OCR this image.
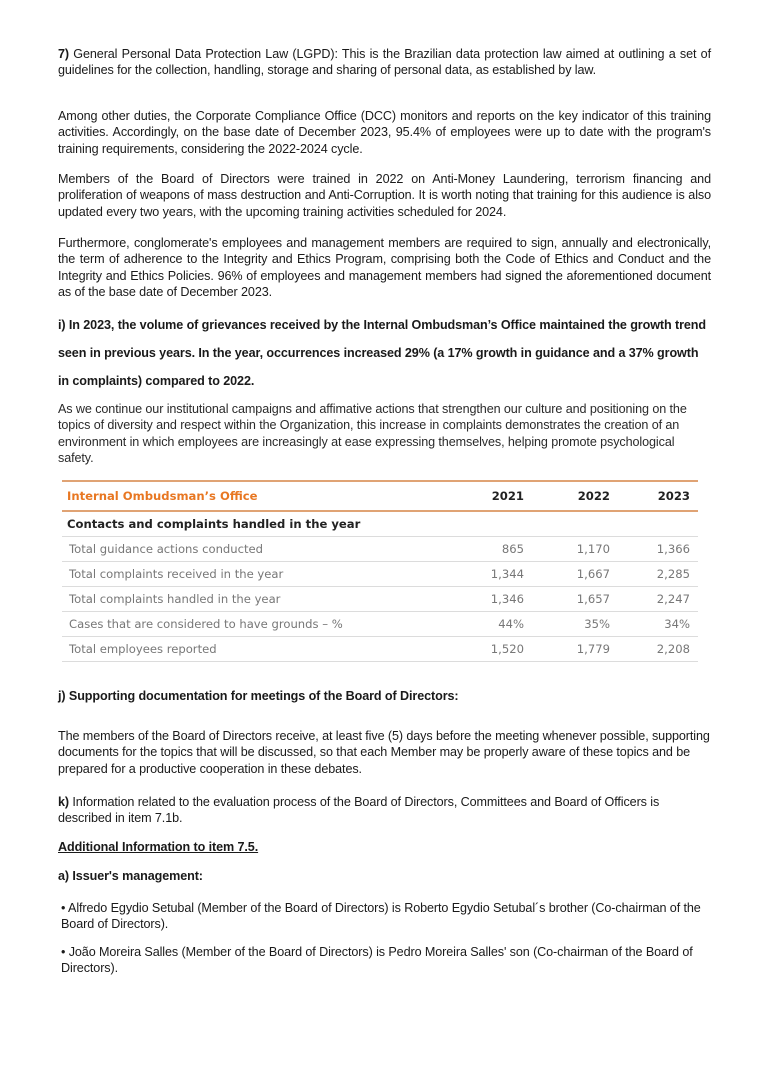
7) General Personal Data Protection Law (LGPD): This is the Brazilian data protection law aimed at outlining a set of guidelines for the collection, handling, storage and sharing of personal data, as established by law.

Among other duties, the Corporate Compliance Office (DCC) monitors and reports on the key indicator of this training activities. Accordingly, on the base date of December 2023, 95.4% of employees were up to date with the program's training requirements, considering the 2022-2024 cycle.

Members of the Board of Directors were trained in 2022 on Anti-Money Laundering, terrorism financing and proliferation of weapons of mass destruction and Anti-Corruption. It is worth noting that training for this audience is also updated every two years, with the upcoming training activities scheduled for 2024.

Furthermore, conglomerate's employees and management members are required to sign, annually and electronically, the term of adherence to the Integrity and Ethics Program, comprising both the Code of Ethics and Conduct and the Integrity and Ethics Policies. 96% of employees and management members had signed the aforementioned document as of the base date of December 2023.

i) In 2023, the volume of grievances received by the Internal Ombudsman’s Office maintained the growth trend seen in previous years. In the year, occurrences increased 29% (a 17% growth in guidance and a 37% growth in complaints) compared to 2022.

As we continue our institutional campaigns and affimative actions that strengthen our culture and positioning on the topics of diversity and respect within the Organization, this increase in complaints demonstrates the creation of an environment in which employees are increasingly at ease expressing themselves, helping promote psychological safety.

Internal Ombudsman’s Office	2021	2022	2023
Contacts and complaints handled in the year			
Total guidance actions conducted	865	1,170	1,366
Total complaints received in the year	1,344	1,667	2,285
Total complaints handled in the year	1,346	1,657	2,247
Cases that are considered to have grounds – %	44%	35%	34%
Total employees reported	1,520	1,779	2,208

j) Supporting documentation for meetings of the Board of Directors:

The members of the Board of Directors receive, at least five (5) days before the meeting whenever possible, supporting documents for the topics that will be discussed, so that each Member may be properly aware of these topics and be prepared for a productive cooperation in these debates.

k) Information related to the evaluation process of the Board of Directors, Committees and Board of Officers is described in item 7.1b.

Additional Information to item 7.5.

a) Issuer's management:

• Alfredo Egydio Setubal (Member of the Board of Directors) is Roberto Egydio Setubal´s brother (Co-chairman of the Board of Directors).

• João Moreira Salles (Member of the Board of Directors) is Pedro Moreira Salles' son (Co-chairman of the Board of Directors).
